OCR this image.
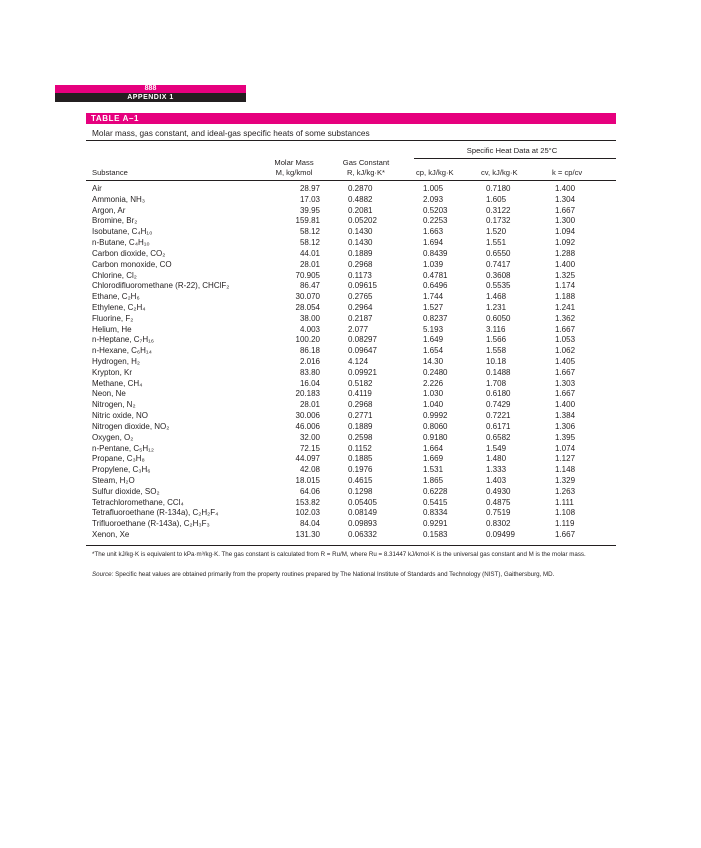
888
APPENDIX 1
TABLE A–1
Molar mass, gas constant, and ideal-gas specific heats of some substances
Specific Heat Data at 25°C
Molar Mass	Gas Constant
Substance	M, kg/kmol	R, kJ/kg·K*	cp, kJ/kg·K	cv, kJ/kg·K	k = cp/cv
Air	28.97	0.2870	1.005	0.7180	1.400
Ammonia, NH₃	17.03	0.4882	2.093	1.605	1.304
Argon, Ar	39.95	0.2081	0.5203	0.3122	1.667
Bromine, Br₂	159.81	0.05202	0.2253	0.1732	1.300
Isobutane, C₄H₁₀	58.12	0.1430	1.663	1.520	1.094
n-Butane, C₄H₁₀	58.12	0.1430	1.694	1.551	1.092
Carbon dioxide, CO₂	44.01	0.1889	0.8439	0.6550	1.288
Carbon monoxide, CO	28.01	0.2968	1.039	0.7417	1.400
Chlorine, Cl₂	70.905	0.1173	0.4781	0.3608	1.325
Chlorodifluoromethane (R-22), CHClF₂	86.47	0.09615	0.6496	0.5535	1.174
Ethane, C₂H₆	30.070	0.2765	1.744	1.468	1.188
Ethylene, C₂H₄	28.054	0.2964	1.527	1.231	1.241
Fluorine, F₂	38.00	0.2187	0.8237	0.6050	1.362
Helium, He	4.003	2.077	5.193	3.116	1.667
n-Heptane, C₇H₁₆	100.20	0.08297	1.649	1.566	1.053
n-Hexane, C₆H₁₄	86.18	0.09647	1.654	1.558	1.062
Hydrogen, H₂	2.016	4.124	14.30	10.18	1.405
Krypton, Kr	83.80	0.09921	0.2480	0.1488	1.667
Methane, CH₄	16.04	0.5182	2.226	1.708	1.303
Neon, Ne	20.183	0.4119	1.030	0.6180	1.667
Nitrogen, N₂	28.01	0.2968	1.040	0.7429	1.400
Nitric oxide, NO	30.006	0.2771	0.9992	0.7221	1.384
Nitrogen dioxide, NO₂	46.006	0.1889	0.8060	0.6171	1.306
Oxygen, O₂	32.00	0.2598	0.9180	0.6582	1.395
n-Pentane, C₅H₁₂	72.15	0.1152	1.664	1.549	1.074
Propane, C₃H₈	44.097	0.1885	1.669	1.480	1.127
Propylene, C₃H₆	42.08	0.1976	1.531	1.333	1.148
Steam, H₂O	18.015	0.4615	1.865	1.403	1.329
Sulfur dioxide, SO₂	64.06	0.1298	0.6228	0.4930	1.263
Tetrachloromethane, CCl₄	153.82	0.05405	0.5415	0.4875	1.111
Tetrafluoroethane (R-134a), C₂H₂F₄	102.03	0.08149	0.8334	0.7519	1.108
Trifluoroethane (R-143a), C₂H₃F₃	84.04	0.09893	0.9291	0.8302	1.119
Xenon, Xe	131.30	0.06332	0.1583	0.09499	1.667
*The unit kJ/kg·K is equivalent to kPa·m³/kg·K. The gas constant is calculated from R = Ru/M, where Ru = 8.31447 kJ/kmol·K is the universal gas constant and M is the molar mass.
Source: Specific heat values are obtained primarily from the property routines prepared by The National Institute of Standards and Technology (NIST), Gaithersburg, MD.
